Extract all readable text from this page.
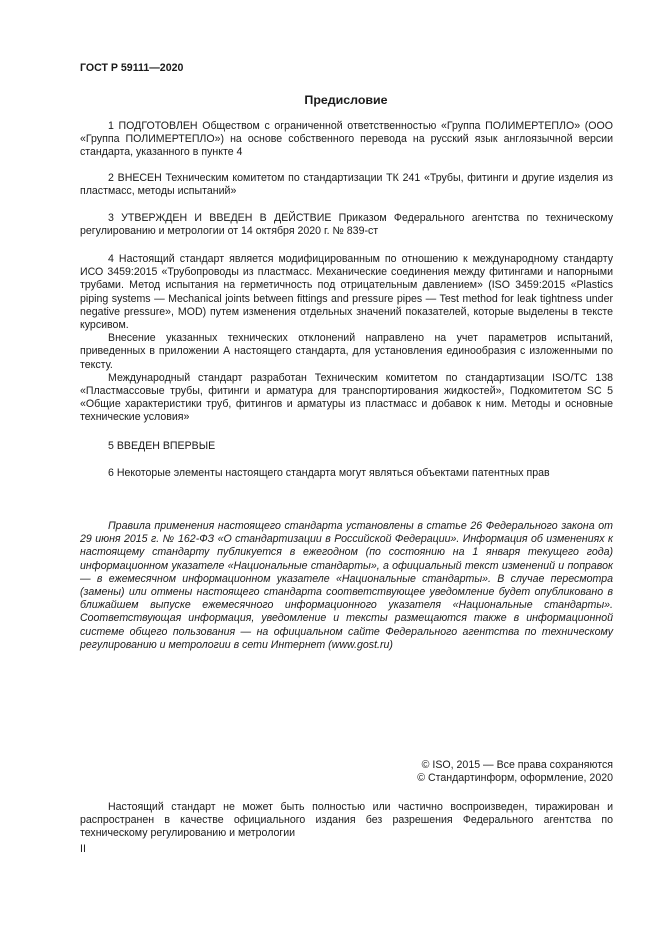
ГОСТ Р 59111—2020
Предисловие

1 ПОДГОТОВЛЕН Обществом с ограниченной ответственностью «Группа ПОЛИМЕРТЕПЛО» (ООО «Группа ПОЛИМЕРТЕПЛО») на основе собственного перевода на русский язык англоязычной версии стандарта, указанного в пункте 4

2 ВНЕСЕН Техническим комитетом по стандартизации ТК 241 «Трубы, фитинги и другие изделия из пластмасс, методы испытаний»

3 УТВЕРЖДЕН И ВВЕДЕН В ДЕЙСТВИЕ Приказом Федерального агентства по техническому регулированию и метрологии от 14 октября 2020 г. № 839-ст

4 Настоящий стандарт является модифицированным по отношению к международному стандарту ИСО 3459:2015 «Трубопроводы из пластмасс. Механические соединения между фитингами и напорными трубами. Метод испытания на герметичность под отрицательным давлением» (ISO 3459:2015 «Plastics piping systems — Mechanical joints between fittings and pressure pipes — Test method for leak tightness under negative pressure», MOD) путем изменения отдельных значений показателей, которые выделены в тексте курсивом.

Внесение указанных технических отклонений направлено на учет параметров испытаний, приведенных в приложении А настоящего стандарта, для установления единообразия с изложенными по тексту.

Международный стандарт разработан Техническим комитетом по стандартизации ISO/TC 138 «Пластмассовые трубы, фитинги и арматура для транспортирования жидкостей», Подкомитетом SC 5 «Общие характеристики труб, фитингов и арматуры из пластмасс и добавок к ним. Методы и основные технические условия»

5 ВВЕДЕН ВПЕРВЫЕ

6 Некоторые элементы настоящего стандарта могут являться объектами патентных прав

Правила применения настоящего стандарта установлены в статье 26 Федерального закона от 29 июня 2015 г. № 162-ФЗ «О стандартизации в Российской Федерации». Информация об изменениях к настоящему стандарту публикуется в ежегодном (по состоянию на 1 января текущего года) информационном указателе «Национальные стандарты», а официальный текст изменений и поправок — в ежемесячном информационном указателе «Национальные стандарты». В случае пересмотра (замены) или отмены настоящего стандарта соответствующее уведомление будет опубликовано в ближайшем выпуске ежемесячного информационного указателя «Национальные стандарты». Соответствующая информация, уведомление и тексты размещаются также в информационной системе общего пользования — на официальном сайте Федерального агентства по техническому регулированию и метрологии в сети Интернет (www.gost.ru)

© ISO, 2015 — Все права сохраняются
© Стандартинформ, оформление, 2020

Настоящий стандарт не может быть полностью или частично воспроизведен, тиражирован и распространен в качестве официального издания без разрешения Федерального агентства по техническому регулированию и метрологии

II
